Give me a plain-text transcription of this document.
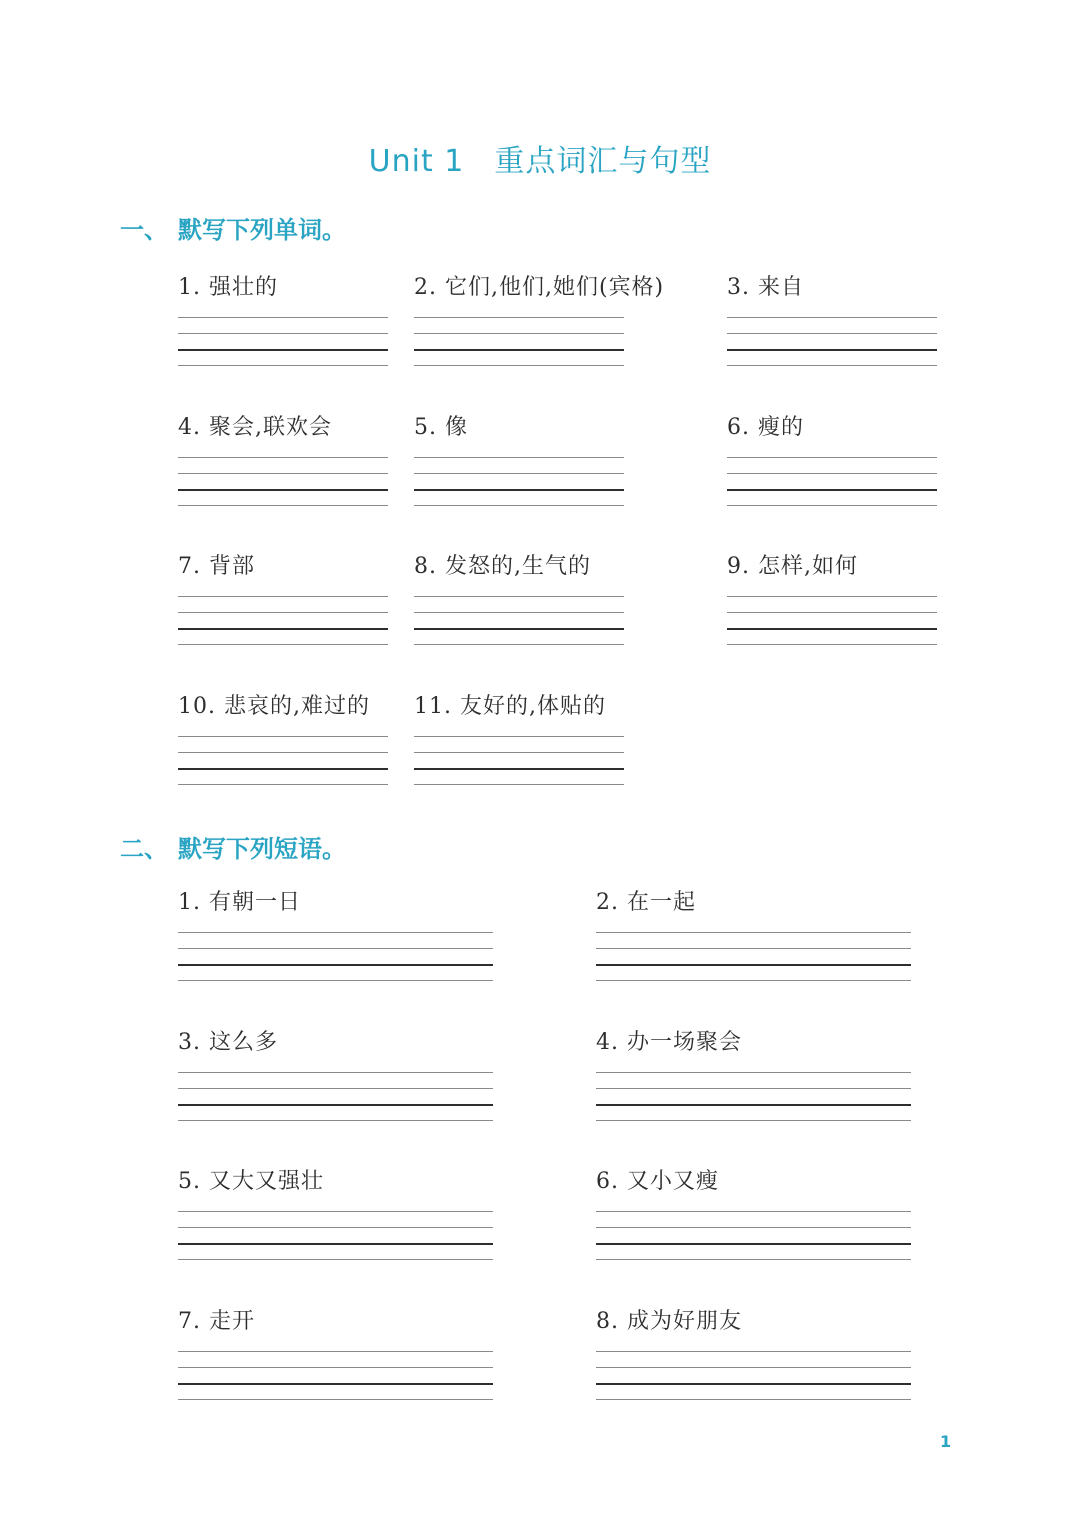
Unit 1 重点词汇与句型
一、 默写下列单词。
1. 强壮的	2. 它们,他们,她们(宾格)	3. 来自
4. 聚会,联欢会	5. 像	6. 瘦的
7. 背部	8. 发怒的,生气的	9. 怎样,如何
10. 悲哀的,难过的	11. 友好的,体贴的
二、 默写下列短语。
1. 有朝一日	2. 在一起
3. 这么多	4. 办一场聚会
5. 又大又强壮	6. 又小又瘦
7. 走开	8. 成为好朋友
1
